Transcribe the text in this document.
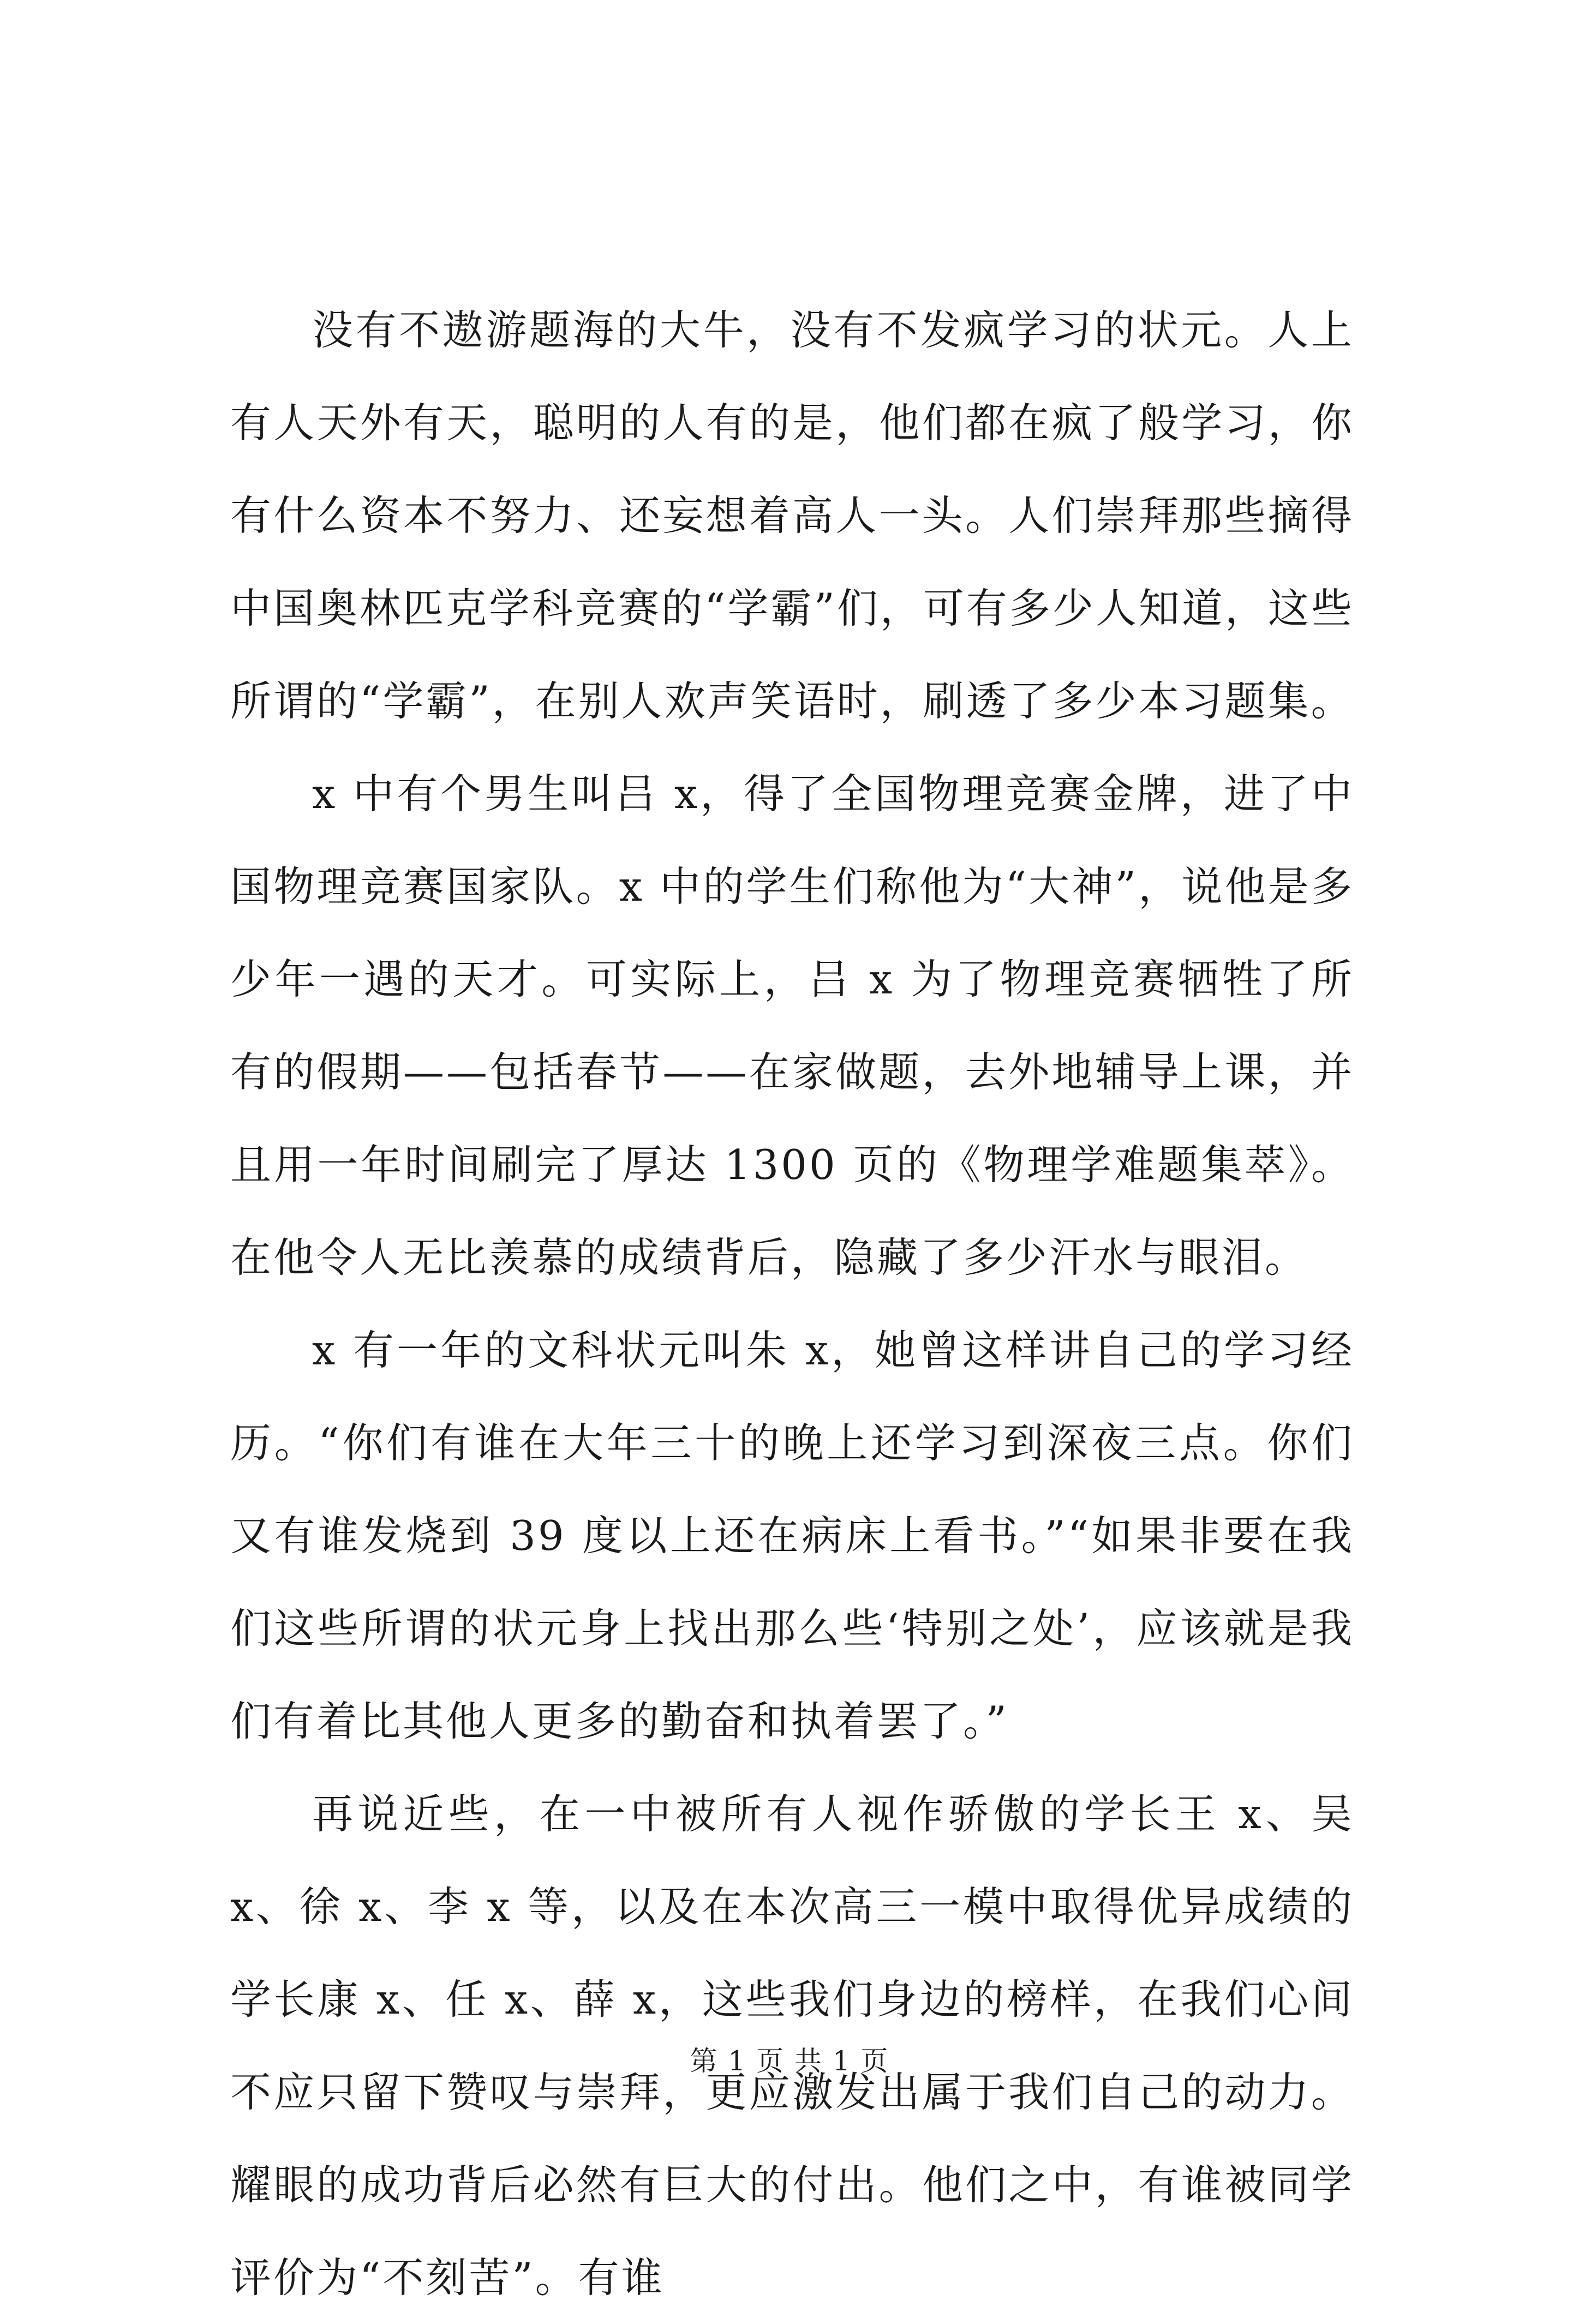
没有不遨游题海的大牛，没有不发疯学习的状元。人上有人天外有天，聪明的人有的是，他们都在疯了般学习，你有什么资本不努力、还妄想着高人一头。人们崇拜那些摘得中国奥林匹克学科竞赛的“学霸”们，可有多少人知道，这些所谓的“学霸”，在别人欢声笑语时，刷透了多少本习题集。

x 中有个男生叫吕 x，得了全国物理竞赛金牌，进了中国物理竞赛国家队。x 中的学生们称他为“大神”，说他是多少年一遇的天才。可实际上，吕 x 为了物理竞赛牺牲了所有的假期——包括春节——在家做题，去外地辅导上课，并且用一年时间刷完了厚达 1300 页的《物理学难题集萃》。在他令人无比羡慕的成绩背后，隐藏了多少汗水与眼泪。

x 有一年的文科状元叫朱 x，她曾这样讲自己的学习经历。“你们有谁在大年三十的晚上还学习到深夜三点。你们又有谁发烧到 39 度以上还在病床上看书。”“如果非要在我们这些所谓的状元身上找出那么些‘特别之处’，应该就是我们有着比其他人更多的勤奋和执着罢了。”

再说近些，在一中被所有人视作骄傲的学长王 x、吴 x、徐 x、李 x 等，以及在本次高三一模中取得优异成绩的学长康 x、任 x、薛 x，这些我们身边的榜样，在我们心间不应只留下赞叹与崇拜，更应激发出属于我们自己的动力。耀眼的成功背后必然有巨大的付出。他们之中，有谁被同学评价为“不刻苦”。有谁

第 1 页 共 1 页
